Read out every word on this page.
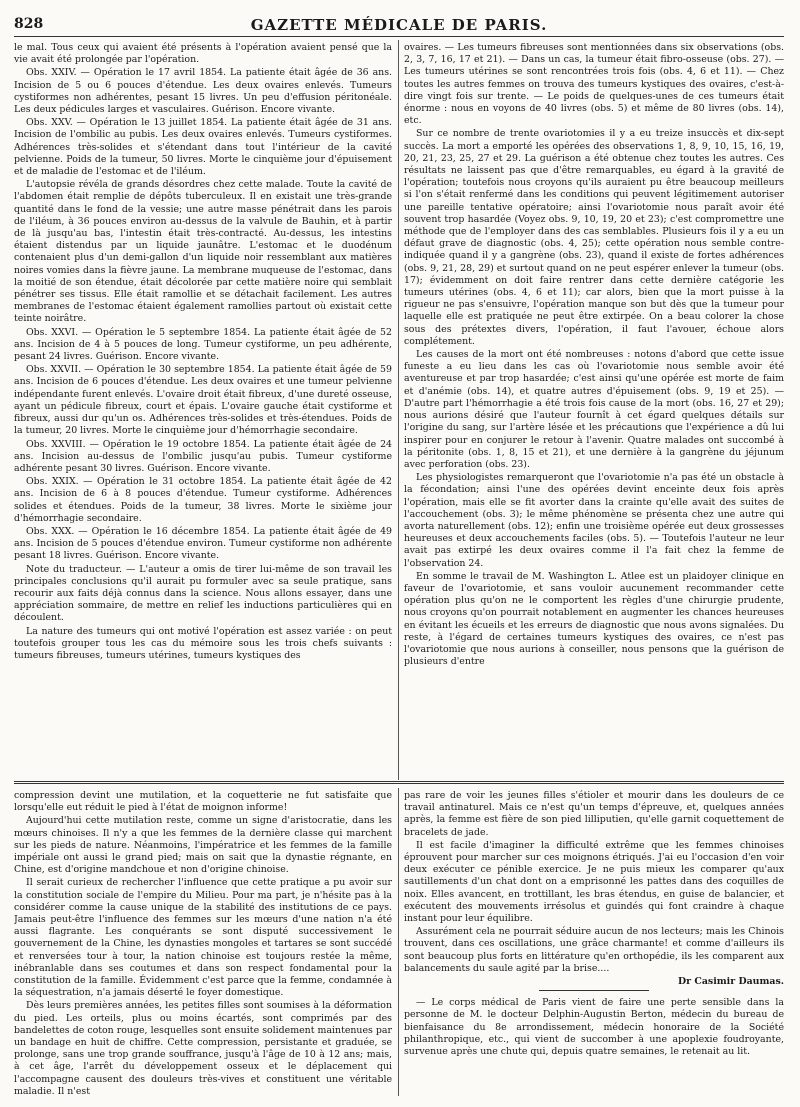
828	GAZETTE MÉDICALE DE PARIS.

le mal. Tous ceux qui avaient été présents à l'opération avaient pensé que la vie avait été prolongée par l'opération.

Obs. XXIV. — Opération le 17 avril 1854. La patiente était âgée de 36 ans. Incision de 5 ou 6 pouces d'étendue. Les deux ovaires enlevés. Tumeurs cystiformes non adhérentes, pesant 15 livres. Un peu d'effusion péritonéale. Les deux pédicules larges et vasculaires. Guérison. Encore vivante.

Obs. XXV. — Opération le 13 juillet 1854. La patiente était âgée de 31 ans. Incision de l'ombilic au pubis. Les deux ovaires enlevés. Tumeurs cystiformes. Adhérences très-solides et s'étendant dans tout l'intérieur de la cavité pelvienne. Poids de la tumeur, 50 livres. Morte le cinquième jour d'épuisement et de maladie de l'estomac et de l'iléum.

L'autopsie révéla de grands désordres chez cette malade. Toute la cavité de l'abdomen était remplie de dépôts tuberculeux. Il en existait une très-grande quantité dans le fond de la vessie; une autre masse pénétrait dans les parois de l'iléum, à 36 pouces environ au-dessus de la valvule de Bauhin, et à partir de là jusqu'au bas, l'intestin était très-contracté. Au-dessus, les intestins étaient distendus par un liquide jaunâtre. L'estomac et le duodénum contenaient plus d'un demi-gallon d'un liquide noir ressemblant aux matières noires vomies dans la fièvre jaune. La membrane muqueuse de l'estomac, dans la moitié de son étendue, était décolorée par cette matière noire qui semblait pénétrer ses tissus. Elle était ramollie et se détachait facilement. Les autres membranes de l'estomac étaient également ramollies partout où existait cette teinte noirâtre.

Obs. XXVI. — Opération le 5 septembre 1854. La patiente était âgée de 52 ans. Incision de 4 à 5 pouces de long. Tumeur cystiforme, un peu adhérente, pesant 24 livres. Guérison. Encore vivante.

Obs. XXVII. — Opération le 30 septembre 1854. La patiente était âgée de 59 ans. Incision de 6 pouces d'étendue. Les deux ovaires et une tumeur pelvienne indépendante furent enlevés. L'ovaire droit était fibreux, d'une dureté osseuse, ayant un pédicule fibreux, court et épais. L'ovaire gauche était cystiforme et fibreux, aussi dur qu'un os. Adhérences très-solides et très-étendues. Poids de la tumeur, 20 livres. Morte le cinquième jour d'hémorrhagie secondaire.

Obs. XXVIII. — Opération le 19 octobre 1854. La patiente était âgée de 24 ans. Incision au-dessus de l'ombilic jusqu'au pubis. Tumeur cystiforme adhérente pesant 30 livres. Guérison. Encore vivante.

Obs. XXIX. — Opération le 31 octobre 1854. La patiente était âgée de 42 ans. Incision de 6 à 8 pouces d'étendue. Tumeur cystiforme. Adhérences solides et étendues. Poids de la tumeur, 38 livres. Morte le sixième jour d'hémorrhagie secondaire.

Obs. XXX. — Opération le 16 décembre 1854. La patiente était âgée de 49 ans. Incision de 5 pouces d'étendue environ. Tumeur cystiforme non adhérente pesant 18 livres. Guérison. Encore vivante.

Note du traducteur. — L'auteur a omis de tirer lui-même de son travail les principales conclusions qu'il aurait pu formuler avec sa seule pratique, sans recourir aux faits déjà connus dans la science. Nous allons essayer, dans une appréciation sommaire, de mettre en relief les inductions particulières qui en découlent.

La nature des tumeurs qui ont motivé l'opération est assez variée : on peut toutefois grouper tous les cas du mémoire sous les trois chefs suivants : tumeurs fibreuses, tumeurs utérines, tumeurs kystiques des

ovaires. — Les tumeurs fibreuses sont mentionnées dans six observations (obs. 2, 3, 7, 16, 17 et 21). — Dans un cas, la tumeur était fibro-osseuse (obs. 27). — Les tumeurs utérines se sont rencontrées trois fois (obs. 4, 6 et 11). — Chez toutes les autres femmes on trouva des tumeurs kystiques des ovaires, c'est-à-dire vingt fois sur trente. — Le poids de quelques-unes de ces tumeurs était énorme : nous en voyons de 40 livres (obs. 5) et même de 80 livres (obs. 14), etc.

Sur ce nombre de trente ovariotomies il y a eu treize insuccès et dix-sept succès. La mort a emporté les opérées des observations 1, 8, 9, 10, 15, 16, 19, 20, 21, 23, 25, 27 et 29. La guérison a été obtenue chez toutes les autres. Ces résultats ne laissent pas que d'être remarquables, eu égard à la gravité de l'opération; toutefois nous croyons qu'ils auraient pu être beaucoup meilleurs si l'on s'était renfermé dans les conditions qui peuvent légitimement autoriser une pareille tentative opératoire; ainsi l'ovariotomie nous paraît avoir été souvent trop hasardée (Voyez obs. 9, 10, 19, 20 et 23); c'est compromettre une méthode que de l'employer dans des cas semblables. Plusieurs fois il y a eu un défaut grave de diagnostic (obs. 4, 25); cette opération nous semble contre-indiquée quand il y a gangrène (obs. 23), quand il existe de fortes adhérences (obs. 9, 21, 28, 29) et surtout quand on ne peut espérer enlever la tumeur (obs. 17); évidemment on doit faire rentrer dans cette dernière catégorie les tumeurs utérines (obs. 4, 6 et 11); car alors, bien que la mort puisse à la rigueur ne pas s'ensuivre, l'opération manque son but dès que la tumeur pour laquelle elle est pratiquée ne peut être extirpée. On a beau colorer la chose sous des prétextes divers, l'opération, il faut l'avouer, échoue alors complétement.

Les causes de la mort ont été nombreuses : notons d'abord que cette issue funeste a eu lieu dans les cas où l'ovariotomie nous semble avoir été aventureuse et par trop hasardée; c'est ainsi qu'une opérée est morte de faim et d'anémie (obs. 14), et quatre autres d'épuisement (obs. 9, 19 et 25). — D'autre part l'hémorrhagie a été trois fois cause de la mort (obs. 16, 27 et 29); nous aurions désiré que l'auteur fournît à cet égard quelques détails sur l'origine du sang, sur l'artère lésée et les précautions que l'expérience a dû lui inspirer pour en conjurer le retour à l'avenir. Quatre malades ont succombé à la péritonite (obs. 1, 8, 15 et 21), et une dernière à la gangrène du jéjunum avec perforation (obs. 23).

Les physiologistes remarqueront que l'ovariotomie n'a pas été un obstacle à la fécondation; ainsi l'une des opérées devint enceinte deux fois après l'opération, mais elle se fit avorter dans la crainte qu'elle avait des suites de l'accouchement (obs. 3); le même phénomène se présenta chez une autre qui avorta naturellement (obs. 12); enfin une troisième opérée eut deux grossesses heureuses et deux accouchements faciles (obs. 5). — Toutefois l'auteur ne leur avait pas extirpé les deux ovaires comme il l'a fait chez la femme de l'observation 24.

En somme le travail de M. Washington L. Atlee est un plaidoyer clinique en faveur de l'ovariotomie, et sans vouloir aucunement recommander cette opération plus qu'on ne le comportent les règles d'une chirurgie prudente, nous croyons qu'on pourrait notablement en augmenter les chances heureuses en évitant les écueils et les erreurs de diagnostic que nous avons signalées. Du reste, à l'égard de certaines tumeurs kystiques des ovaires, ce n'est pas l'ovariotomie que nous aurions à conseiller, nous pensons que la guérison de plusieurs d'entre

compression devint une mutilation, et la coquetterie ne fut satisfaite que lorsqu'elle eut réduit le pied à l'état de moignon informe!

Aujourd'hui cette mutilation reste, comme un signe d'aristocratie, dans les mœurs chinoises. Il n'y a que les femmes de la dernière classe qui marchent sur les pieds de nature. Néanmoins, l'impératrice et les femmes de la famille impériale ont aussi le grand pied; mais on sait que la dynastie régnante, en Chine, est d'origine mandchoue et non d'origine chinoise.

Il serait curieux de rechercher l'influence que cette pratique a pu avoir sur la constitution sociale de l'empire du Milieu. Pour ma part, je n'hésite pas à la considérer comme la cause unique de la stabilité des institutions de ce pays. Jamais peut-être l'influence des femmes sur les mœurs d'une nation n'a été aussi flagrante. Les conquérants se sont disputé successivement le gouvernement de la Chine, les dynasties mongoles et tartares se sont succédé et renversées tour à tour, la nation chinoise est toujours restée la même, inébranlable dans ses coutumes et dans son respect fondamental pour la constitution de la famille. Évidemment c'est parce que la femme, condamnée à la séquestration, n'a jamais déserté le foyer domestique.

Dès leurs premières années, les petites filles sont soumises à la déformation du pied. Les orteils, plus ou moins écartés, sont comprimés par des bandelettes de coton rouge, lesquelles sont ensuite solidement maintenues par un bandage en huit de chiffre. Cette compression, persistante et graduée, se prolonge, sans une trop grande souffrance, jusqu'à l'âge de 10 à 12 ans; mais, à cet âge, l'arrêt du développement osseux et le déplacement qui l'accompagne causent des douleurs très-vives et constituent une véritable maladie. Il n'est

pas rare de voir les jeunes filles s'étioler et mourir dans les douleurs de ce travail antinaturel. Mais ce n'est qu'un temps d'épreuve, et, quelques années après, la femme est fière de son pied lilliputien, qu'elle garnit coquettement de bracelets de jade.

Il est facile d'imaginer la difficulté extrême que les femmes chinoises éprouvent pour marcher sur ces moignons étriqués. J'ai eu l'occasion d'en voir deux exécuter ce pénible exercice. Je ne puis mieux les comparer qu'aux sautillements d'un chat dont on a emprisonné les pattes dans des coquilles de noix. Elles avancent, en trottillant, les bras étendus, en guise de balancier, et exécutent des mouvements irrésolus et guindés qui font craindre à chaque instant pour leur équilibre.

Assurément cela ne pourrait séduire aucun de nos lecteurs; mais les Chinois trouvent, dans ces oscillations, une grâce charmante! et comme d'ailleurs ils sont beaucoup plus forts en littérature qu'en orthopédie, ils les comparent aux balancements du saule agité par la brise....

Dr Casimir Daumas.

— Le corps médical de Paris vient de faire une perte sensible dans la personne de M. le docteur Delphin-Augustin Berton, médecin du bureau de bienfaisance du 8e arrondissement, médecin honoraire de la Société philanthropique, etc., qui vient de succomber à une apoplexie foudroyante, survenue après une chute qui, depuis quatre semaines, le retenait au lit.
